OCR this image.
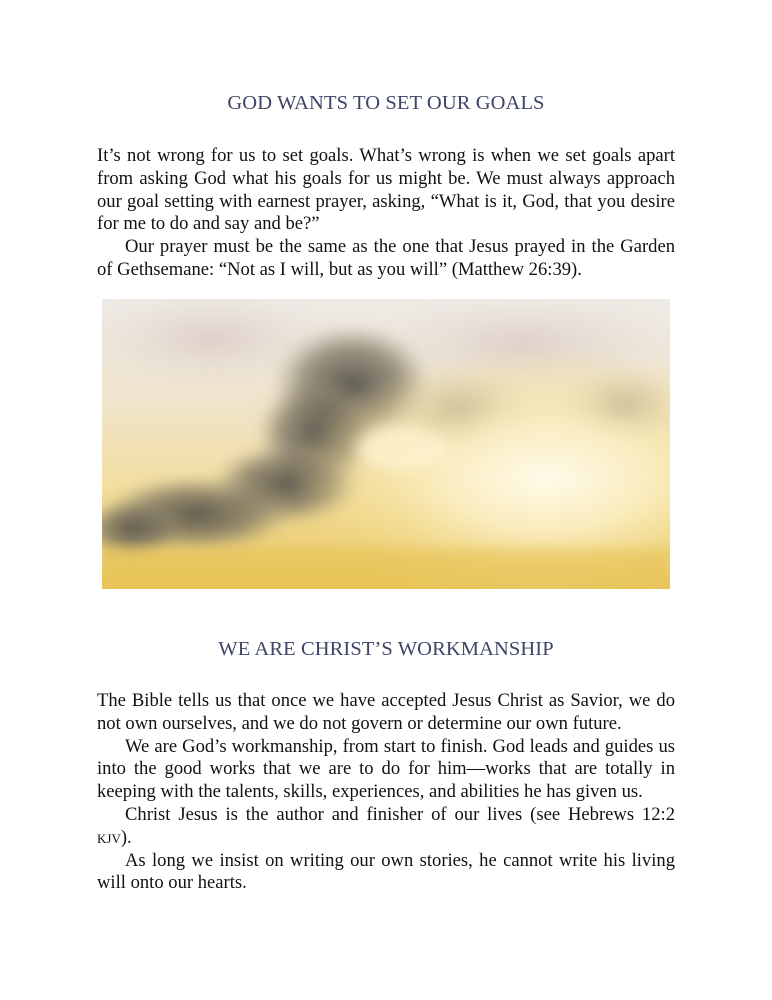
GOD WANTS TO SET OUR GOALS

It’s not wrong for us to set goals. What’s wrong is when we set goals apart from asking God what his goals for us might be. We must always approach our goal setting with earnest prayer, asking, “What is it, God, that you desire for me to do and say and be?”

Our prayer must be the same as the one that Jesus prayed in the Garden of Gethsemane: “Not as I will, but as you will” (Matthew 26:39).

WE ARE CHRIST’S WORKMANSHIP

The Bible tells us that once we have accepted Jesus Christ as Savior, we do not own ourselves, and we do not govern or determine our own future.

We are God’s workmanship, from start to finish. God leads and guides us into the good works that we are to do for him—works that are totally in keeping with the talents, skills, experiences, and abilities he has given us.

Christ Jesus is the author and finisher of our lives (see Hebrews 12:2 kjv).

As long we insist on writing our own stories, he cannot write his living will onto our hearts.
